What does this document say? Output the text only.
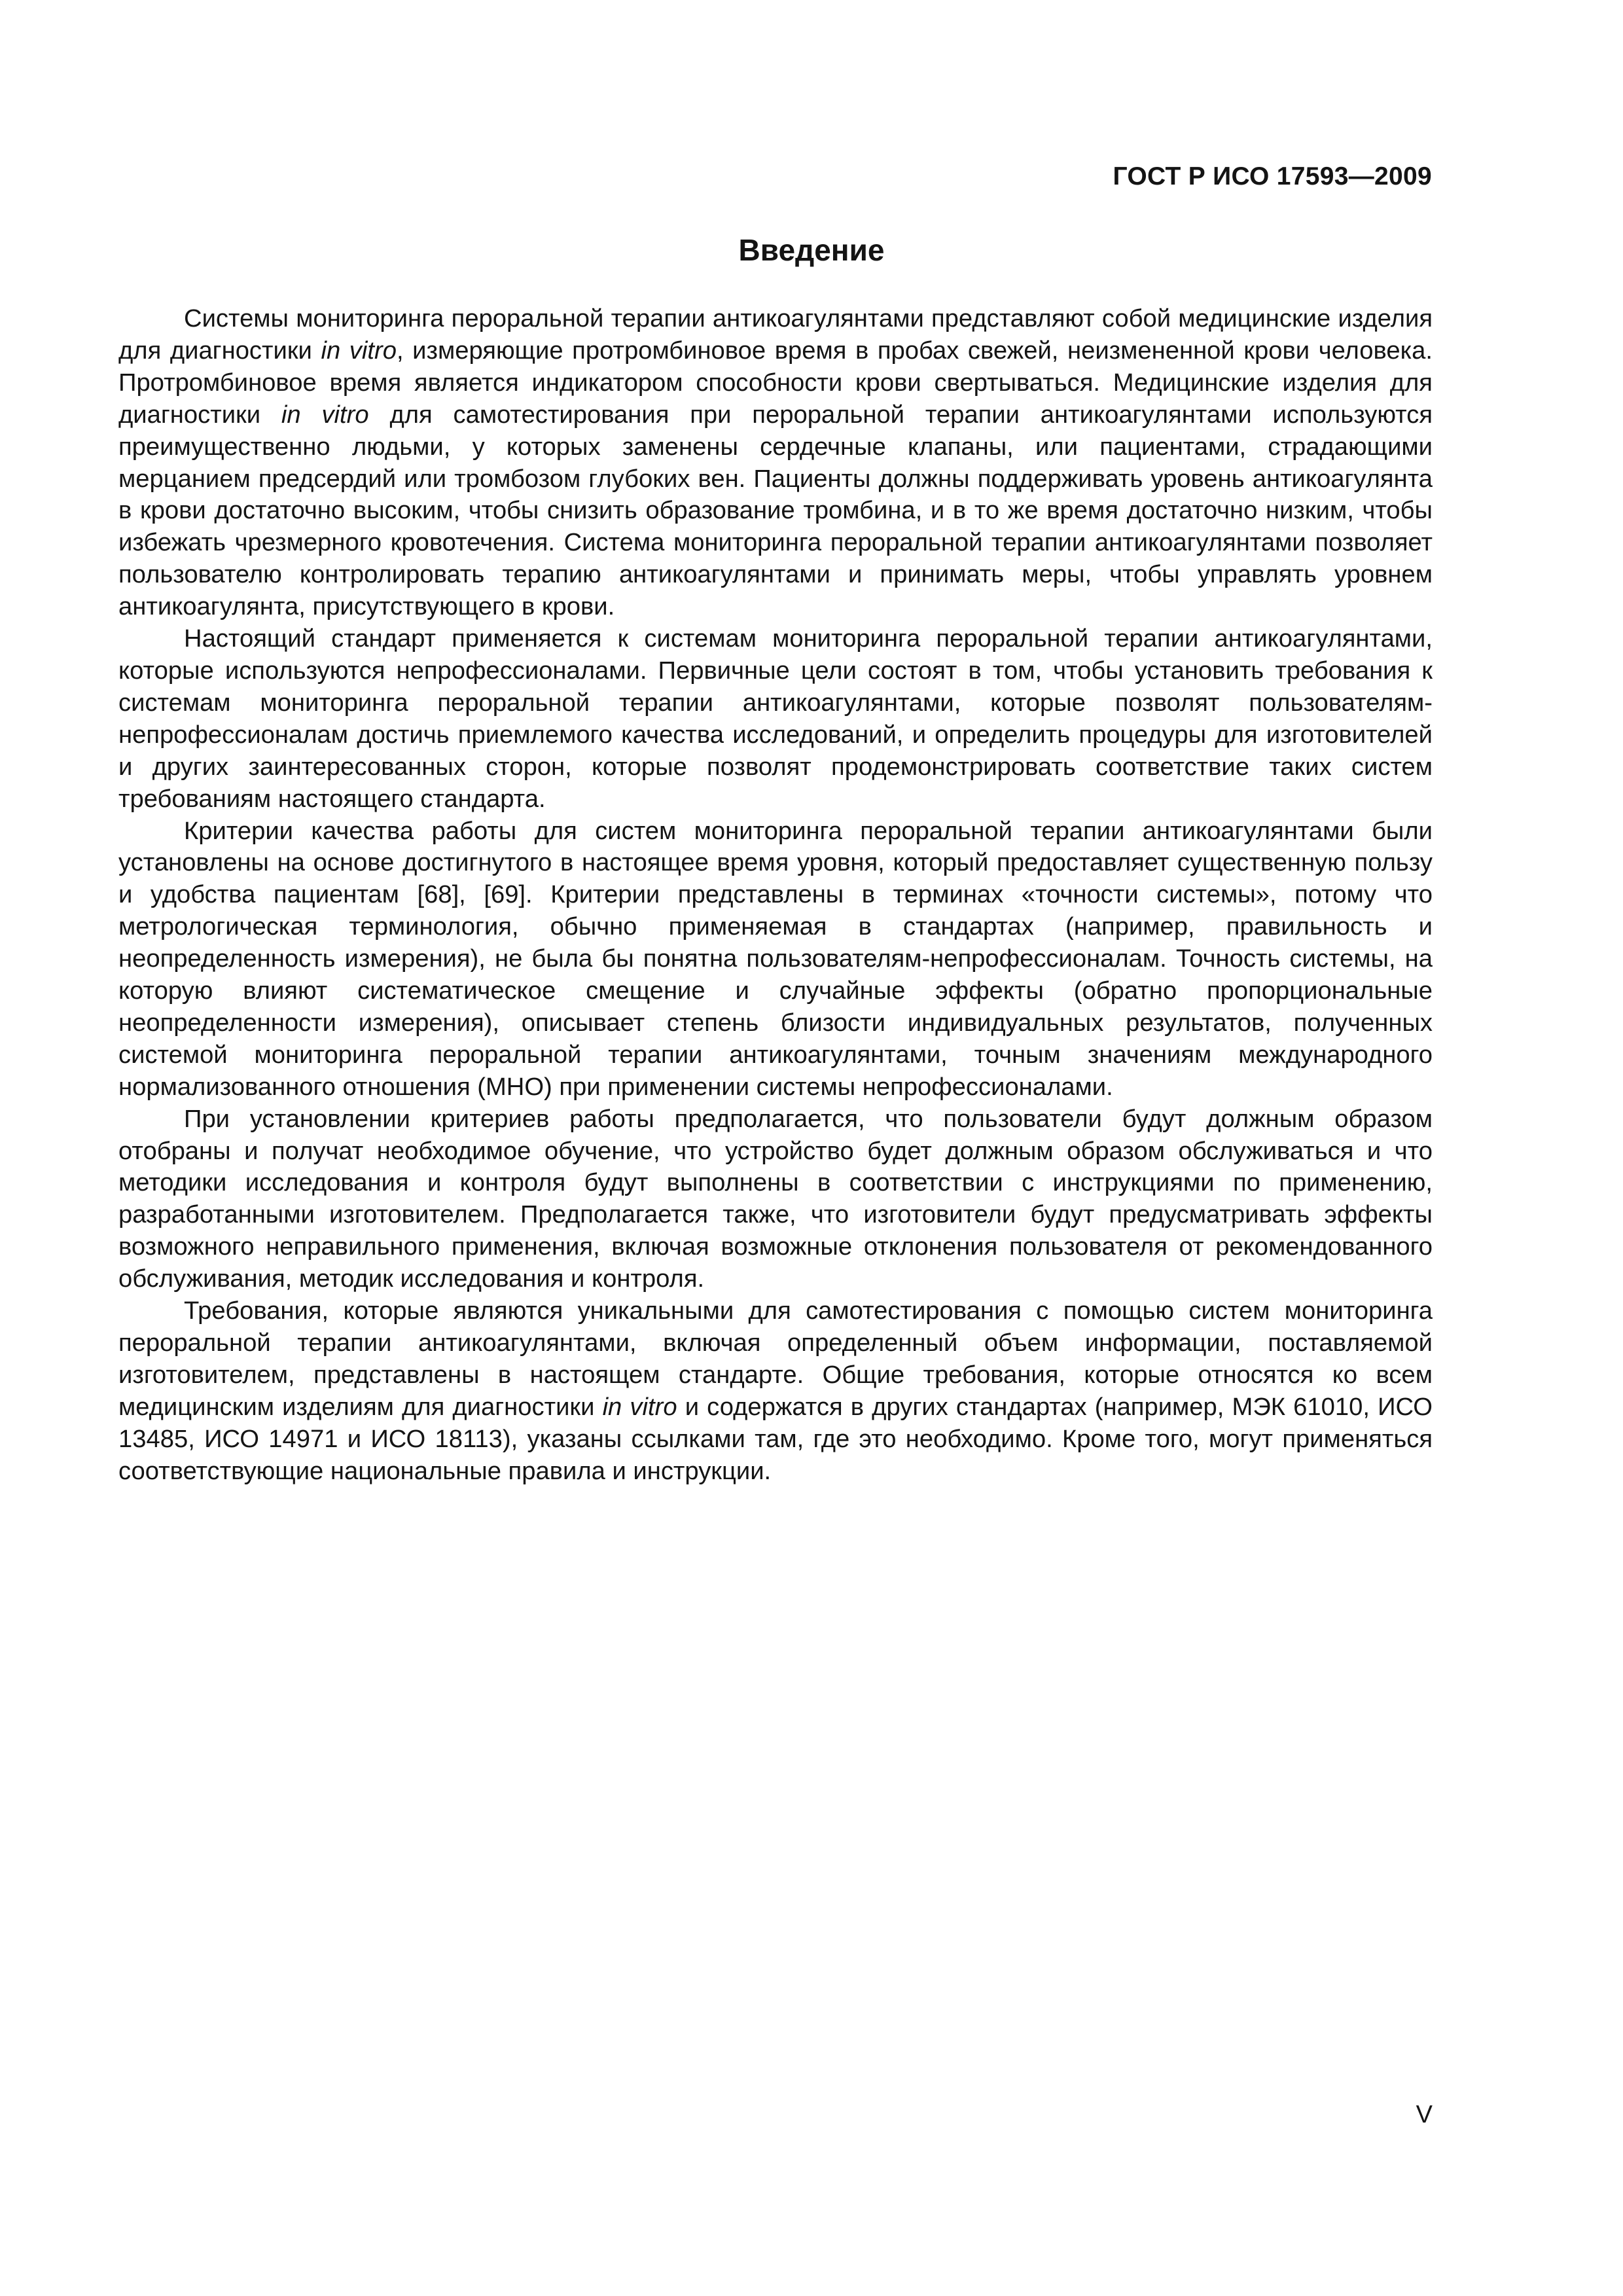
ГОСТ Р ИСО 17593—2009
Введение

Системы мониторинга пероральной терапии антикоагулянтами представляют собой медицинские изделия для диагностики in vitro, измеряющие протромбиновое время в пробах свежей, неизмененной крови человека. Протромбиновое время является индикатором способности крови свертываться. Медицинские изделия для диагностики in vitro для самотестирования при пероральной терапии антикоагулянтами используются преимущественно людьми, у которых заменены сердечные клапаны, или пациентами, страдающими мерцанием предсердий или тромбозом глубоких вен. Пациенты должны поддерживать уровень антикоагулянта в крови достаточно высоким, чтобы снизить образование тромбина, и в то же время достаточно низким, чтобы избежать чрезмерного кровотечения. Система мониторинга пероральной терапии антикоагулянтами позволяет пользователю контролировать терапию антикоагулянтами и принимать меры, чтобы управлять уровнем антикоагулянта, присутствующего в крови.

Настоящий стандарт применяется к системам мониторинга пероральной терапии антикоагулянтами, которые используются непрофессионалами. Первичные цели состоят в том, чтобы установить требования к системам мониторинга пероральной терапии антикоагулянтами, которые позволят пользователям-непрофессионалам достичь приемлемого качества исследований, и определить процедуры для изготовителей и других заинтересованных сторон, которые позволят продемонстрировать соответствие таких систем требованиям настоящего стандарта.

Критерии качества работы для систем мониторинга пероральной терапии антикоагулянтами были установлены на основе достигнутого в настоящее время уровня, который предоставляет существенную пользу и удобства пациентам [68], [69]. Критерии представлены в терминах «точности системы», потому что метрологическая терминология, обычно применяемая в стандартах (например, правильность и неопределенность измерения), не была бы понятна пользователям-непрофессионалам. Точность системы, на которую влияют систематическое смещение и случайные эффекты (обратно пропорциональные неопределенности измерения), описывает степень близости индивидуальных результатов, полученных системой мониторинга пероральной терапии антикоагулянтами, точным значениям международного нормализованного отношения (МНО) при применении системы непрофессионалами.

При установлении критериев работы предполагается, что пользователи будут должным образом отобраны и получат необходимое обучение, что устройство будет должным образом обслуживаться и что методики исследования и контроля будут выполнены в соответствии с инструкциями по применению, разработанными изготовителем. Предполагается также, что изготовители будут предусматривать эффекты возможного неправильного применения, включая возможные отклонения пользователя от рекомендованного обслуживания, методик исследования и контроля.

Требования, которые являются уникальными для самотестирования с помощью систем мониторинга пероральной терапии антикоагулянтами, включая определенный объем информации, поставляемой изготовителем, представлены в настоящем стандарте. Общие требования, которые относятся ко всем медицинским изделиям для диагностики in vitro и содержатся в других стандартах (например, МЭК 61010, ИСО 13485, ИСО 14971 и ИСО 18113), указаны ссылками там, где это необходимо. Кроме того, могут применяться соответствующие национальные правила и инструкции.

V
